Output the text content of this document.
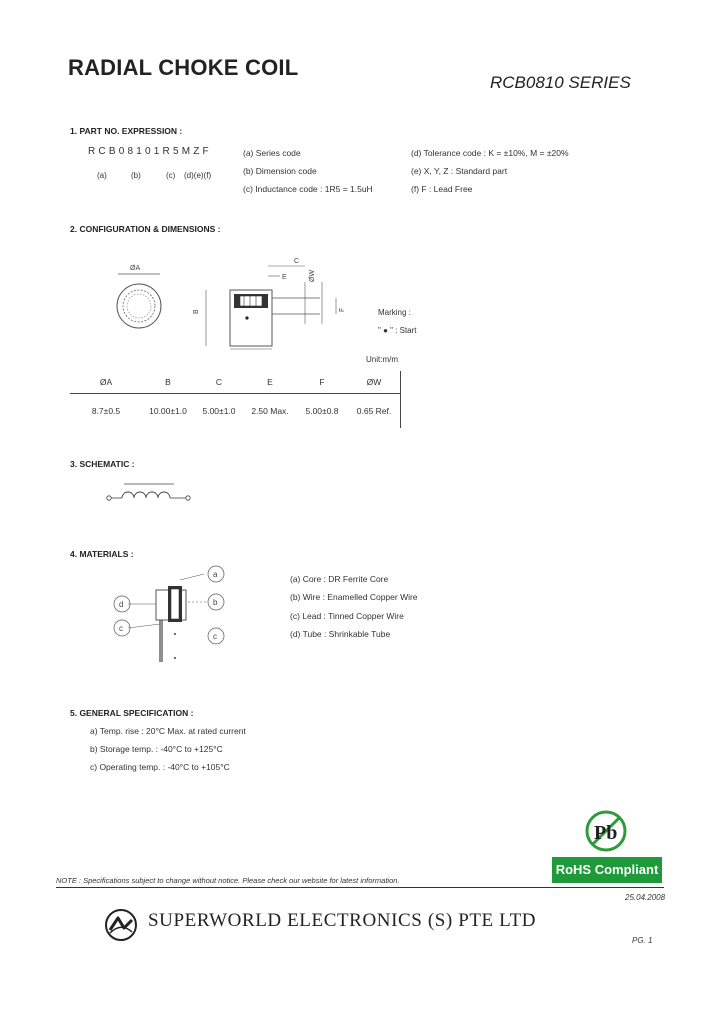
RADIAL CHOKE COIL
RCB0810 SERIES
1. PART NO. EXPRESSION :
RCB08101R5MZF
(a)	(b)	(c) (d)(e)(f)
(a) Series code
(b) Dimension code
(c) Inductance code : 1R5 = 1.5uH
(d) Tolerance code : K = ±10%, M = ±20%
(e) X, Y, Z : Standard part
(f) F : Lead Free
2. CONFIGURATION & DIMENSIONS :
ØA
B
C
E
F
ØW
Marking :
" ● " : Start
Unit:m/m
ØA	B	C	E	F	ØW
8.7±0.5	10.00±1.0	5.00±1.0	2.50 Max.	5.00±0.8	0.65 Ref.
3. SCHEMATIC :
4. MATERIALS :
a
b
c
d
c
(a) Core : DR Ferrite Core
(b) Wire : Enamelled Copper Wire
(c) Lead : Tinned Copper Wire
(d) Tube : Shrinkable Tube
5. GENERAL SPECIFICATION :
a) Temp. rise : 20°C Max. at rated current
b) Storage temp. : -40°C to +125°C
c) Operating temp. : -40°C to +105°C
Pb
RoHS Compliant
NOTE : Specifications subject to change without notice. Please check our website for latest information.
25.04.2008
SUPERWORLD ELECTRONICS (S) PTE LTD
PG. 1
